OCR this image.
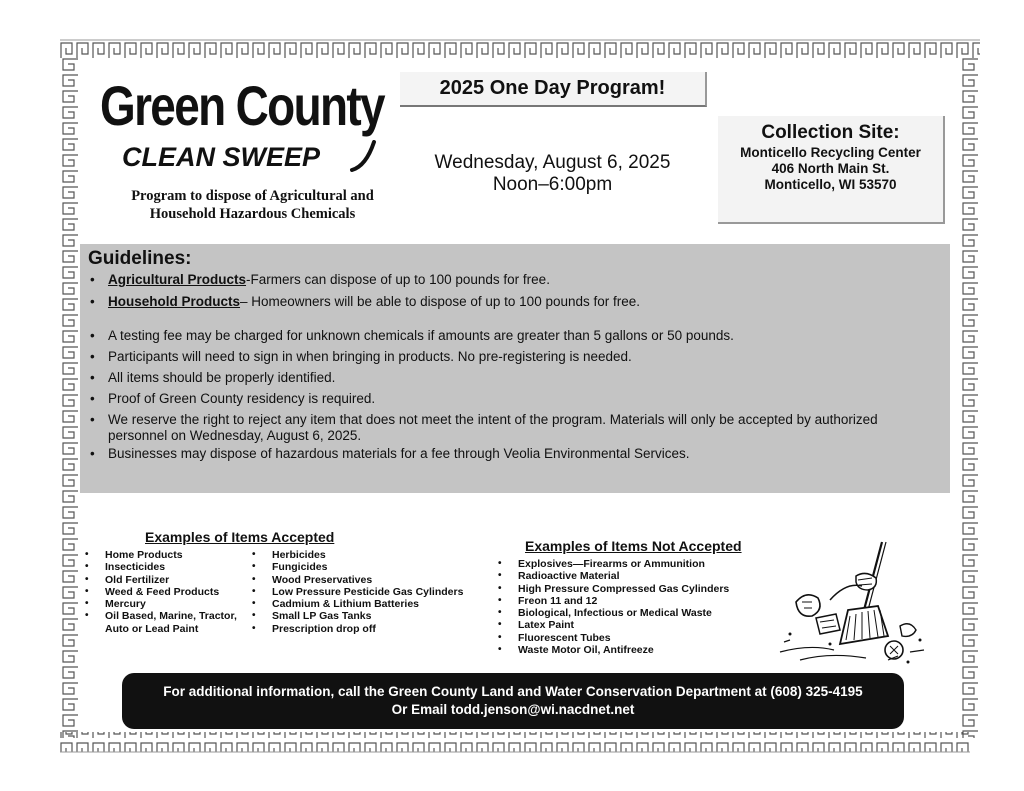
Green County
CLEAN SWEEP
Program to dispose of Agricultural and
Household Hazardous Chemicals
2025 One Day Program!
Wednesday, August 6, 2025
Noon–6:00pm
Collection Site:
Monticello Recycling Center
406 North Main St.
Monticello, WI 53570
Guidelines:
• Agricultural Products-Farmers can dispose of up to 100 pounds for free.
• Household Products– Homeowners will be able to dispose of up to 100 pounds for free.
• A testing fee may be charged for unknown chemicals if amounts are greater than 5 gallons or 50 pounds.
• Participants will need to sign in when bringing in products. No pre-registering is needed.
• All items should be properly identified.
• Proof of Green County residency is required.
• We reserve the right to reject any item that does not meet the intent of the program. Materials will only be accepted by authorized personnel on Wednesday, August 6, 2025.
• Businesses may dispose of hazardous materials for a fee through Veolia Environmental Services.
Examples of Items Accepted
• Home Products
• Insecticides
• Old Fertilizer
• Weed & Feed Products
• Mercury
• Oil Based, Marine, Tractor,
Auto or Lead Paint
• Herbicides
• Fungicides
• Wood Preservatives
• Low Pressure Pesticide Gas Cylinders
• Cadmium & Lithium Batteries
• Small LP Gas Tanks
• Prescription drop off
Examples of Items Not Accepted
• Explosives—Firearms or Ammunition
• Radioactive Material
• High Pressure Compressed Gas Cylinders
• Freon 11 and 12
• Biological, Infectious or Medical Waste
• Latex Paint
• Fluorescent Tubes
• Waste Motor Oil, Antifreeze
For additional information, call the Green County Land and Water Conservation Department at (608) 325-4195
Or Email todd.jenson@wi.nacdnet.net
